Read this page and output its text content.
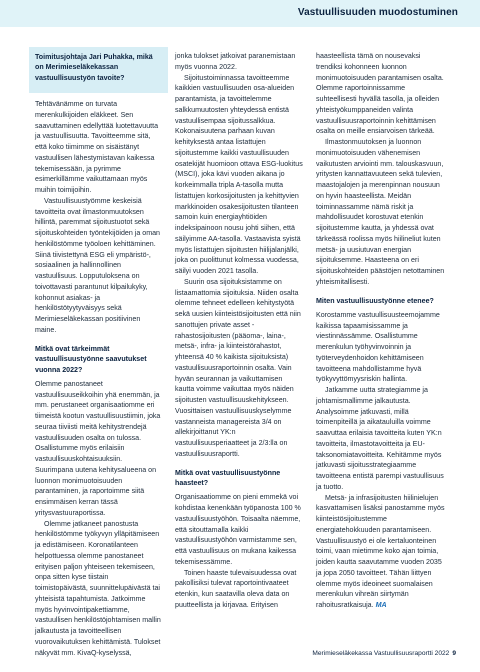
Vastuullisuuden muodostuminen
Toimitusjohtaja Jari Puhakka, mikä on Merimieseläkekassan vastuullisuustyön tavoite?

Tehtävänämme on turvata merenkulkijoiden eläkkeet. Sen saavuttaminen edellyttää luotettavuutta ja vastuullisuutta. Tavoitteemme sitä, että koko tiimimme on sisäistänyt vastuullisen lähestymistavan kaikessa tekemisessään, ja pyrimme esimerkillämme vaikuttamaan myös muihin toimijoihin.

Vastuullisuustyömme keskeisiä tavoitteita ovat ilmastonmuutoksen hillintä, paremmat sijoitustuotot sekä sijoituskohteiden työntekijöiden ja oman henkilöstömme työoloen kehittäminen. Siinä tiivistettynä ESG eli ympäristö-, sosiaalinen ja hallinnollinen vastuullisuus. Lopputuloksena on toivottavasti parantunut kilpailukyky, kohonnut asiakas- ja henkilöstötyytyväisyys sekä Merimieseläkekassan positiivinen maine.

Mitkä ovat tärkeimmät vastuullisuustyönne saavutukset vuonna 2022?

Olemme panostaneet vastuullisuuseikkoihin yhä enemmän, ja mm. perustaneet organisaatiomme eri tiimeistä kootun vastuullisuustiimin, joka seuraa tiiviisti meitä kehitystrendejä vastuullisuuden osalta on tulossa. Osallistumme myös erilaisiin vastuullisuuskohtaisuuksiin. Suurimpana uutena kehitysalueena on luonnon monimuotoisuuden parantaminen, ja raportoimme siitä ensimmäisen kerran tässä yritysvastuuraportissa.

Olemme jatkaneet panostusta henkilöstömme työkyvyn ylläpitämiseen ja edistämiseen. Koronatilanteen helpottuessa olemme panostaneet erityisen paljon yhteiseen tekemiseen, onpa sitten kyse tiistain toimistopäivästä, suunnittelupäivästä tai yhteisistä tapahtumista. Jatkoimme myös hyvinvointipakettiamme, vastuullisen henkilöstöjohtamisen mallin jalkautusta ja tavoitteellisen vuorovaikutuksen kehittämistä. Tulokset näkyvät mm. KivaQ-kyselyssä,

jonka tulokset jatkoivat paranemistaan myös vuonna 2022.

Sijoitustoiminnassa tavoitteemme kaikkien vastuullisuuden osa-alueiden parantamista, ja tavoittelemme salkkumuutosten yhteydessä entistä vastuullisempaa sijoitussalkkua. Kokonaisuutena parhaan kuvan kehityksestä antaa listattujen sijoitustemme kaikki vastuullisuuden osatekijät huomioon ottava ESG-luokitus (MSCI), joka kävi vuoden aikana jo korkeimmalla tripla A-tasolla mutta listattujen korkosijoitusten ja kehittyvien markkinoiden osakesijoitusten tilanteen samoin kuin energiayhtiöiden indeksipainoon nousu johti siihen, että säilyimme AA-tasolla. Vastaavista syistä myös listattujen sijoitusten hiilijalanjälki, joka on puolittunut kolmessa vuodessa, säilyi vuoden 2021 tasolla.

Suurin osa sijoituksistamme on listaamattomia sijoituksia. Niiden osalta olemme tehneet edelleen kehitystyötä sekä uusien kiinteistösijoitusten että niin sanottujen private asset -rahastosijoitusten (pääoma-, laina-, metsä-, infra- ja kiinteistörahastot, yhteensä 40 % kaikista sijoituksista) vastuullisuusraportoinnin osalta. Vain hyvän seurannan ja vaikuttamisen kautta voimme vaikuttaa myös näiden sijoitusten vastuullisuuskehitykseen. Vuosittaisen vastuullisuuskyselymme vastanneista managereista 3/4 on allekirjoittanut YK:n vastuullisuusperiaatteet ja 2/3:lla on vastuullisuusraportti.

Mitkä ovat vastuullisuustyönne haasteet?

Organisaatiomme on pieni emmekä voi kohdistaa kenenkään työpanosta 100 % vastuullisuustyöhön. Toisaalta näemme, että sitouttamalla kaikki vastuullisuustyöhön varmistamme sen, että vastuullisuus on mukana kaikessa tekemisessämme.

Toinen haaste tulevaisuudessa ovat pakollisiksi tulevat raportointivaateet etenkin, kun saatavilla oleva data on puutteellista ja kirjavaa. Erityisen

haasteellista tämä on nousevaksi trendiksi kohonneen luonnon monimuotoisuuden parantamisen osalta. Olemme raportoinnissamme suhteellisesti hyvällä tasolla, ja olleiden yhteistyökumppaneiden valinta vastuullisuusraportoinnin kehittämisen osalta on meille ensiarvoisen tärkeää.

Ilmastonmuutoksen ja luonnon monimuotoisuuden vähenemisen vaikutusten arviointi mm. talouskasvuun, yritysten kannattavuuteen sekä tulevien, maastojalojen ja merenpinnan nousuun on hyvin haasteellista. Meidän toiminnassamme nämä riskit ja mahdollisuudet korostuvat etenkin sijoitustemme kautta, ja yhdessä ovat tärkeässä roolissa myös hiilineliut kuten metsä- ja uusiutuvan energian sijoituksemme. Haasteena on eri sijoituskohteiden päästöjen netottaminen yhteismitallisesti.

Miten vastuullisuustyönne etenee?

Korostamme vastuullisuusteemojamme kaikissa tapaamisissamme ja viestinnässämme. Osallistumme merenkulun työhyvinvoinnin ja työterveydenhoidon kehittämiseen tavoitteena mahdollistamme hyvä työkyvyttömyysriskin hallinta.

Jatkamme uutta strategiamme ja johtamismallimme jalkautusta. Analysoimme jatkuvasti, millä toimenpiteillä ja aikatauluilla voimme saavuttaa erilaisia tavoitteita kuten YK:n tavoitteita, ilmastotavoitteita ja EU-taksonomiatavoitteita. Kehitämme myös jatkuvasti sijoitusstrategiaamme tavoitteena entistä parempi vastuullisuus ja tuotto.

Metsä- ja infrasijoitusten hiilinielujen kasvattamisen lisäksi panostamme myös kiinteistösijoitustemme energiatehokkuuden parantamiseen. Vastuullisuustyö ei ole kertaluonteinen toimi, vaan mietimme koko ajan toimia, joiden kautta saavutamme vuoden 2035 ja jopa 2050 tavoitteet. Tähän liittyen olemme myös ideoineet suomalaisen merenkulun vihreän siirtymän rahoitusratkaisuja. MA

Merimieseläkekassa Vastuullisuusraportti 2022 9
